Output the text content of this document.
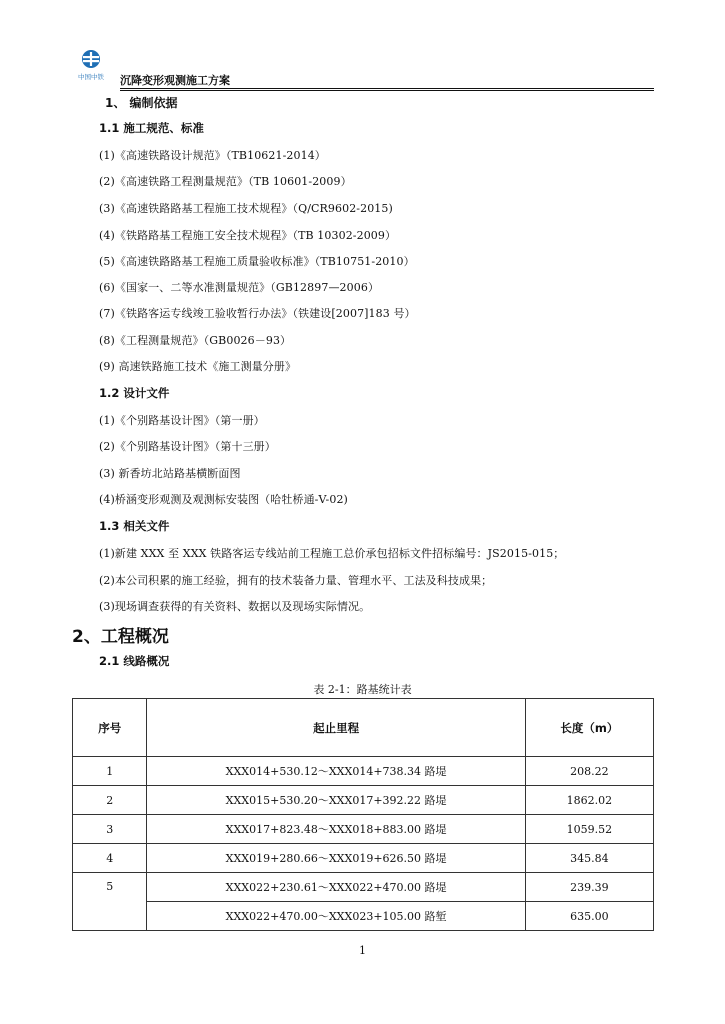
中国中铁 沉降变形观测施工方案
1、 编制依据
1.1 施工规范、标准
(1)《高速铁路设计规范》（TB10621-2014）
(2)《高速铁路工程测量规范》（TB 10601-2009）
(3)《高速铁路路基工程施工技术规程》（Q/CR9602-2015)
(4)《铁路路基工程施工安全技术规程》（TB 10302-2009）
(5)《高速铁路路基工程施工质量验收标准》（TB10751-2010）
(6)《国家一、二等水准测量规范》（GB12897—2006）
(7)《铁路客运专线竣工验收暂行办法》（铁建设[2007]183 号）
(8)《工程测量规范》（GB0026－93）
(9) 高速铁路施工技术《施工测量分册》
1.2 设计文件
(1)《个别路基设计图》（第一册）
(2)《个别路基设计图》（第十三册）
(3) 新香坊北站路基横断面图
(4)桥涵变形观测及观测标安装图（哈牡桥通-V-02)
1.3 相关文件
(1)新建 XXX 至 XXX 铁路客运专线站前工程施工总价承包招标文件招标编号：JS2015-015；
(2)本公司积累的施工经验，拥有的技术装备力量、管理水平、工法及科技成果；
(3)现场调查获得的有关资料、数据以及现场实际情况。
2、工程概况
2.1 线路概况
表 2-1：路基统计表
序号	起止里程	长度（m）
1	XXX014+530.12～XXX014+738.34 路堤	208.22
2	XXX015+530.20～XXX017+392.22 路堤	1862.02
3	XXX017+823.48～XXX018+883.00 路堤	1059.52
4	XXX019+280.66～XXX019+626.50 路堤	345.84
5	XXX022+230.61～XXX022+470.00 路堤	239.39
	XXX022+470.00～XXX023+105.00 路堑	635.00
1
